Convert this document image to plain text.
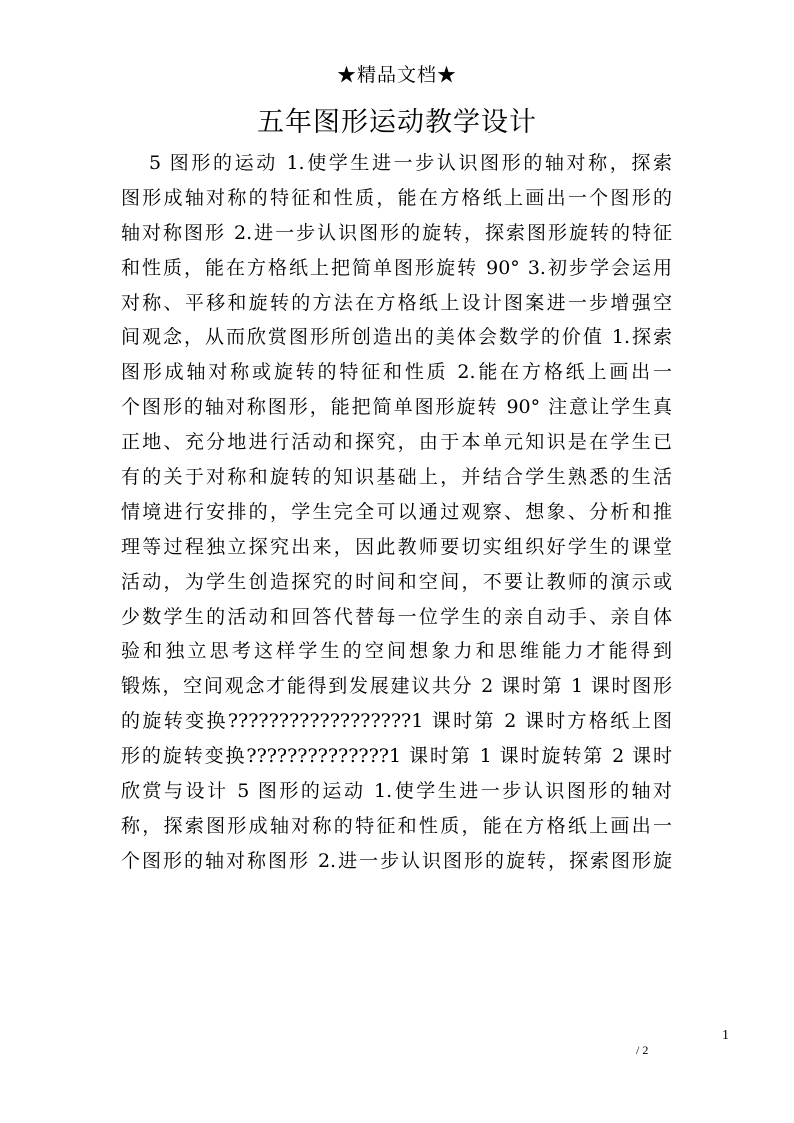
★精品文档★
五年图形运动教学设计
5 图形的运动 1.使学生进一步认识图形的轴对称，探索
图形成轴对称的特征和性质，能在方格纸上画出一个图形的
轴对称图形 2.进一步认识图形的旋转，探索图形旋转的特征
和性质，能在方格纸上把简单图形旋转 90° 3.初步学会运用
对称、平移和旋转的方法在方格纸上设计图案进一步增强空
间观念，从而欣赏图形所创造出的美体会数学的价值 1.探索
图形成轴对称或旋转的特征和性质 2.能在方格纸上画出一
个图形的轴对称图形，能把简单图形旋转 90° 注意让学生真
正地、充分地进行活动和探究，由于本单元知识是在学生已
有的关于对称和旋转的知识基础上，并结合学生熟悉的生活
情境进行安排的，学生完全可以通过观察、想象、分析和推
理等过程独立探究出来，因此教师要切实组织好学生的课堂
活动，为学生创造探究的时间和空间，不要让教师的演示或
少数学生的活动和回答代替每一位学生的亲自动手、亲自体
验和独立思考这样学生的空间想象力和思维能力才能得到
锻炼，空间观念才能得到发展建议共分 2 课时第 1 课时图形
的旋转变换??????????????????1 课时第 2 课时方格纸上图
形的旋转变换??????????????1 课时第 1 课时旋转第 2 课时
欣赏与设计 5 图形的运动 1.使学生进一步认识图形的轴对
称，探索图形成轴对称的特征和性质，能在方格纸上画出一
个图形的轴对称图形 2.进一步认识图形的旋转，探索图形旋
1
/ 2
